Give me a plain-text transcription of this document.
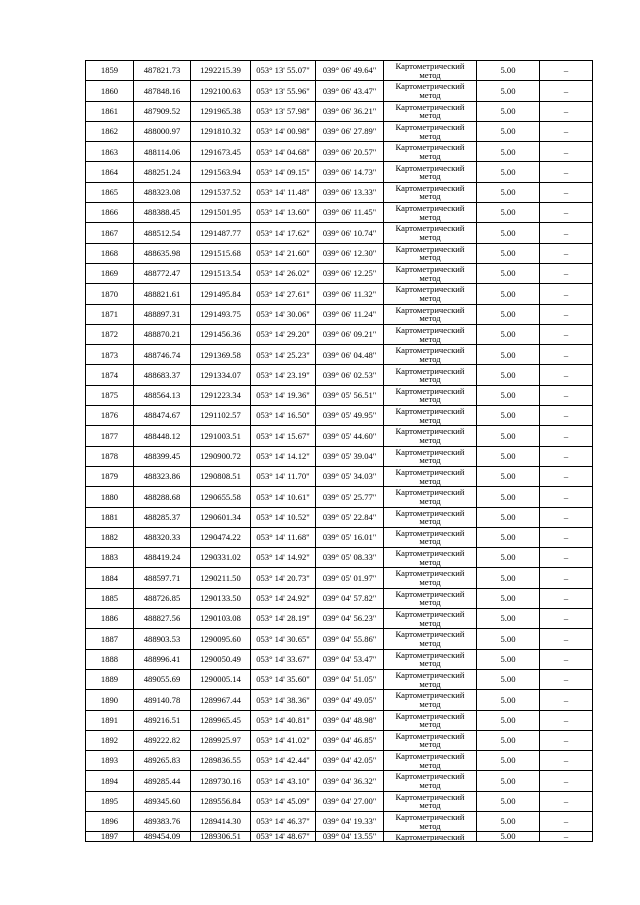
1859	487821.73	1292215.39	053° 13' 55.07"	039° 06' 49.64"	Картометрический метод	5.00	–
1860	487848.16	1292100.63	053° 13' 55.96"	039° 06' 43.47"	Картометрический метод	5.00	–
1861	487909.52	1291965.38	053° 13' 57.98"	039° 06' 36.21"	Картометрический метод	5.00	–
1862	488000.97	1291810.32	053° 14' 00.98"	039° 06' 27.89"	Картометрический метод	5.00	–
1863	488114.06	1291673.45	053° 14' 04.68"	039° 06' 20.57"	Картометрический метод	5.00	–
1864	488251.24	1291563.94	053° 14' 09.15"	039° 06' 14.73"	Картометрический метод	5.00	–
1865	488323.08	1291537.52	053° 14' 11.48"	039° 06' 13.33"	Картометрический метод	5.00	–
1866	488388.45	1291501.95	053° 14' 13.60"	039° 06' 11.45"	Картометрический метод	5.00	–
1867	488512.54	1291487.77	053° 14' 17.62"	039° 06' 10.74"	Картометрический метод	5.00	–
1868	488635.98	1291515.68	053° 14' 21.60"	039° 06' 12.30"	Картометрический метод	5.00	–
1869	488772.47	1291513.54	053° 14' 26.02"	039° 06' 12.25"	Картометрический метод	5.00	–
1870	488821.61	1291495.84	053° 14' 27.61"	039° 06' 11.32"	Картометрический метод	5.00	–
1871	488897.31	1291493.75	053° 14' 30.06"	039° 06' 11.24"	Картометрический метод	5.00	–
1872	488870.21	1291456.36	053° 14' 29.20"	039° 06' 09.21"	Картометрический метод	5.00	–
1873	488746.74	1291369.58	053° 14' 25.23"	039° 06' 04.48"	Картометрический метод	5.00	–
1874	488683.37	1291334.07	053° 14' 23.19"	039° 06' 02.53"	Картометрический метод	5.00	–
1875	488564.13	1291223.34	053° 14' 19.36"	039° 05' 56.51"	Картометрический метод	5.00	–
1876	488474.67	1291102.57	053° 14' 16.50"	039° 05' 49.95"	Картометрический метод	5.00	–
1877	488448.12	1291003.51	053° 14' 15.67"	039° 05' 44.60"	Картометрический метод	5.00	–
1878	488399.45	1290900.72	053° 14' 14.12"	039° 05' 39.04"	Картометрический метод	5.00	–
1879	488323.86	1290808.51	053° 14' 11.70"	039° 05' 34.03"	Картометрический метод	5.00	–
1880	488288.68	1290655.58	053° 14' 10.61"	039° 05' 25.77"	Картометрический метод	5.00	–
1881	488285.37	1290601.34	053° 14' 10.52"	039° 05' 22.84"	Картометрический метод	5.00	–
1882	488320.33	1290474.22	053° 14' 11.68"	039° 05' 16.01"	Картометрический метод	5.00	–
1883	488419.24	1290331.02	053° 14' 14.92"	039° 05' 08.33"	Картометрический метод	5.00	–
1884	488597.71	1290211.50	053° 14' 20.73"	039° 05' 01.97"	Картометрический метод	5.00	–
1885	488726.85	1290133.50	053° 14' 24.92"	039° 04' 57.82"	Картометрический метод	5.00	–
1886	488827.56	1290103.08	053° 14' 28.19"	039° 04' 56.23"	Картометрический метод	5.00	–
1887	488903.53	1290095.60	053° 14' 30.65"	039° 04' 55.86"	Картометрический метод	5.00	–
1888	488996.41	1290050.49	053° 14' 33.67"	039° 04' 53.47"	Картометрический метод	5.00	–
1889	489055.69	1290005.14	053° 14' 35.60"	039° 04' 51.05"	Картометрический метод	5.00	–
1890	489140.78	1289967.44	053° 14' 38.36"	039° 04' 49.05"	Картометрический метод	5.00	–
1891	489216.51	1289965.45	053° 14' 40.81"	039° 04' 48.98"	Картометрический метод	5.00	–
1892	489222.82	1289925.97	053° 14' 41.02"	039° 04' 46.85"	Картометрический метод	5.00	–
1893	489265.83	1289836.55	053° 14' 42.44"	039° 04' 42.05"	Картометрический метод	5.00	–
1894	489285.44	1289730.16	053° 14' 43.10"	039° 04' 36.32"	Картометрический метод	5.00	–
1895	489345.60	1289556.84	053° 14' 45.09"	039° 04' 27.00"	Картометрический метод	5.00	–
1896	489383.76	1289414.30	053° 14' 46.37"	039° 04' 19.33"	Картометрический метод	5.00	–
1897	489454.09	1289306.51	053° 14' 48.67"	039° 04' 13.55"	Картометрический	5.00	–
